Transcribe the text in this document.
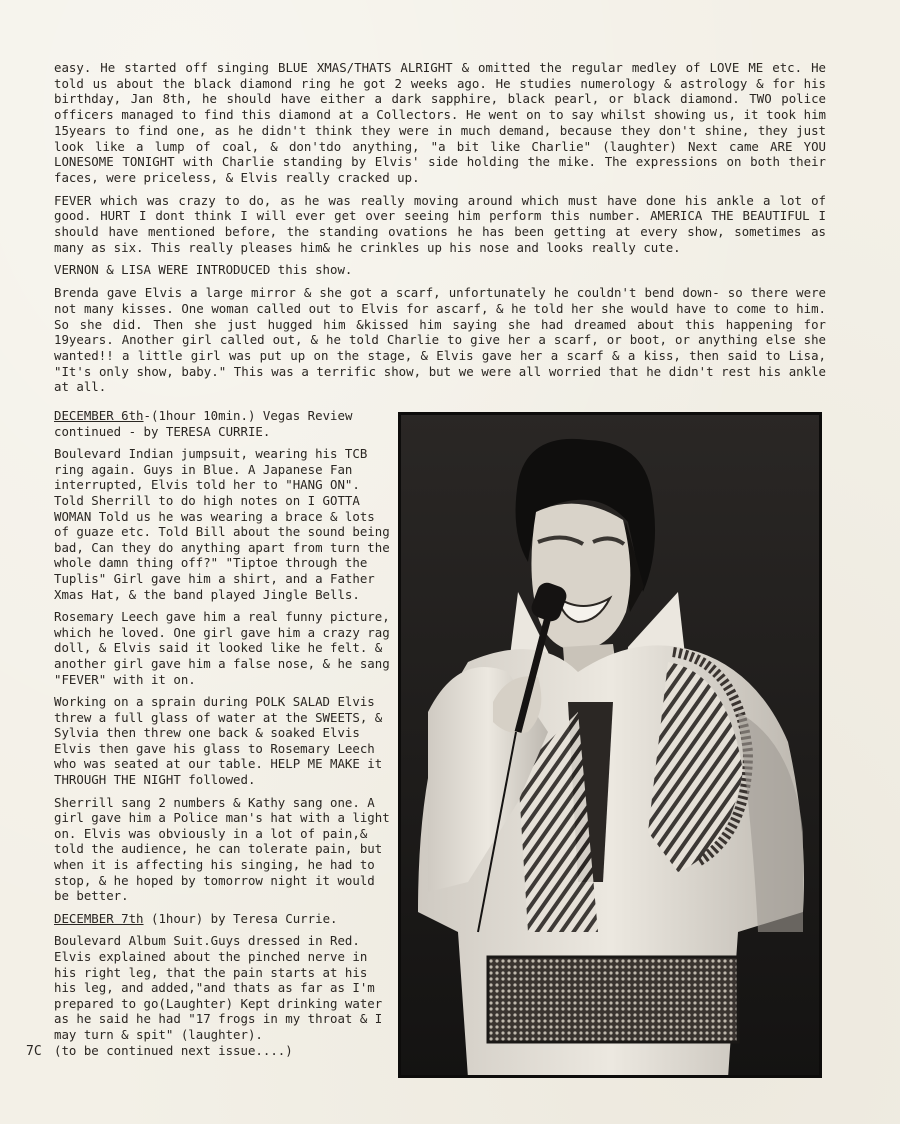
easy. He started off singing BLUE XMAS/THATS ALRIGHT & omitted the regular medley of LOVE ME etc. He told us about the black diamond ring he got 2 weeks ago. He studies numerology & astrology & for his birthday, Jan 8th, he should have either a dark sapphire, black pearl, or black diamond. TWO police officers managed to find this diamond at a Collectors. He went on to say whilst showing us, it took him 15years to find one, as he didn't think they were in much demand, because they don't shine, they just look like a lump of coal, & don'tdo anything, "a bit like Charlie" (laughter) Next came ARE YOU LONESOME TONIGHT with Charlie standing by Elvis' side holding the mike. The expressions on both their faces, were priceless, & Elvis really cracked up.

FEVER which was crazy to do, as he was really moving around which must have done his ankle a lot of good. HURT I dont think I will ever get over seeing him perform this number. AMERICA THE BEAUTIFUL I should have mentioned before, the standing ovations he has been getting at every show, sometimes as many as six. This really pleases him& he crinkles up his nose and looks really cute.

VERNON & LISA WERE INTRODUCED this show.

Brenda gave Elvis a large mirror & she got a scarf, unfortunately he couldn't bend down- so there were not many kisses. One woman called out to Elvis for ascarf, & he told her she would have to come to him. So she did. Then she just hugged him &kissed him saying she had dreamed about this happening for 19years. Another girl called out, & he told Charlie to give her a scarf, or boot, or anything else she wanted!! a little girl was put up on the stage, & Elvis gave her a scarf & a kiss, then said to Lisa, "It's only show, baby." This was a terrific show, but we were all worried that he didn't rest his ankle at all.

DECEMBER 6th-(1hour 10min.) Vegas Review continued - by TERESA CURRIE.

Boulevard Indian jumpsuit, wearing his TCB ring again. Guys in Blue. A Japanese Fan interrupted, Elvis told her to "HANG ON". Told Sherrill to do high notes on I GOTTA WOMAN Told us he was wearing a brace & lots of guaze etc. Told Bill about the sound being bad, Can they do anything apart from turn the whole damn thing off?" "Tiptoe through the Tuplis" Girl gave him a shirt, and a Father Xmas Hat, & the band played Jingle Bells.

Rosemary Leech gave him a real funny picture, which he loved. One girl gave him a crazy rag doll, & Elvis said it looked like he felt. & another girl gave him a false nose, & he sang "FEVER" with it on.

Working on a sprain during POLK SALAD Elvis threw a full glass of water at the SWEETS, & Sylvia then threw one back & soaked Elvis Elvis then gave his glass to Rosemary Leech who was seated at our table. HELP ME MAKE it THROUGH THE NIGHT followed.

Sherrill sang 2 numbers & Kathy sang one. A girl gave him a Police man's hat with a light on. Elvis was obviously in a lot of pain,& told the audience, he can tolerate pain, but when it is affecting his singing, he had to stop, & he hoped by tomorrow night it would be better.

DECEMBER 7th (1hour) by Teresa Currie.

Boulevard Album Suit.Guys dressed in Red. Elvis explained about the pinched nerve in his right leg, that the pain starts at his his leg, and added,"and thats as far as I'm prepared to go(Laughter) Kept drinking water as he said he had "17 frogs in my throat & I may turn & spit" (laughter).

(to be continued next issue....)

7C
